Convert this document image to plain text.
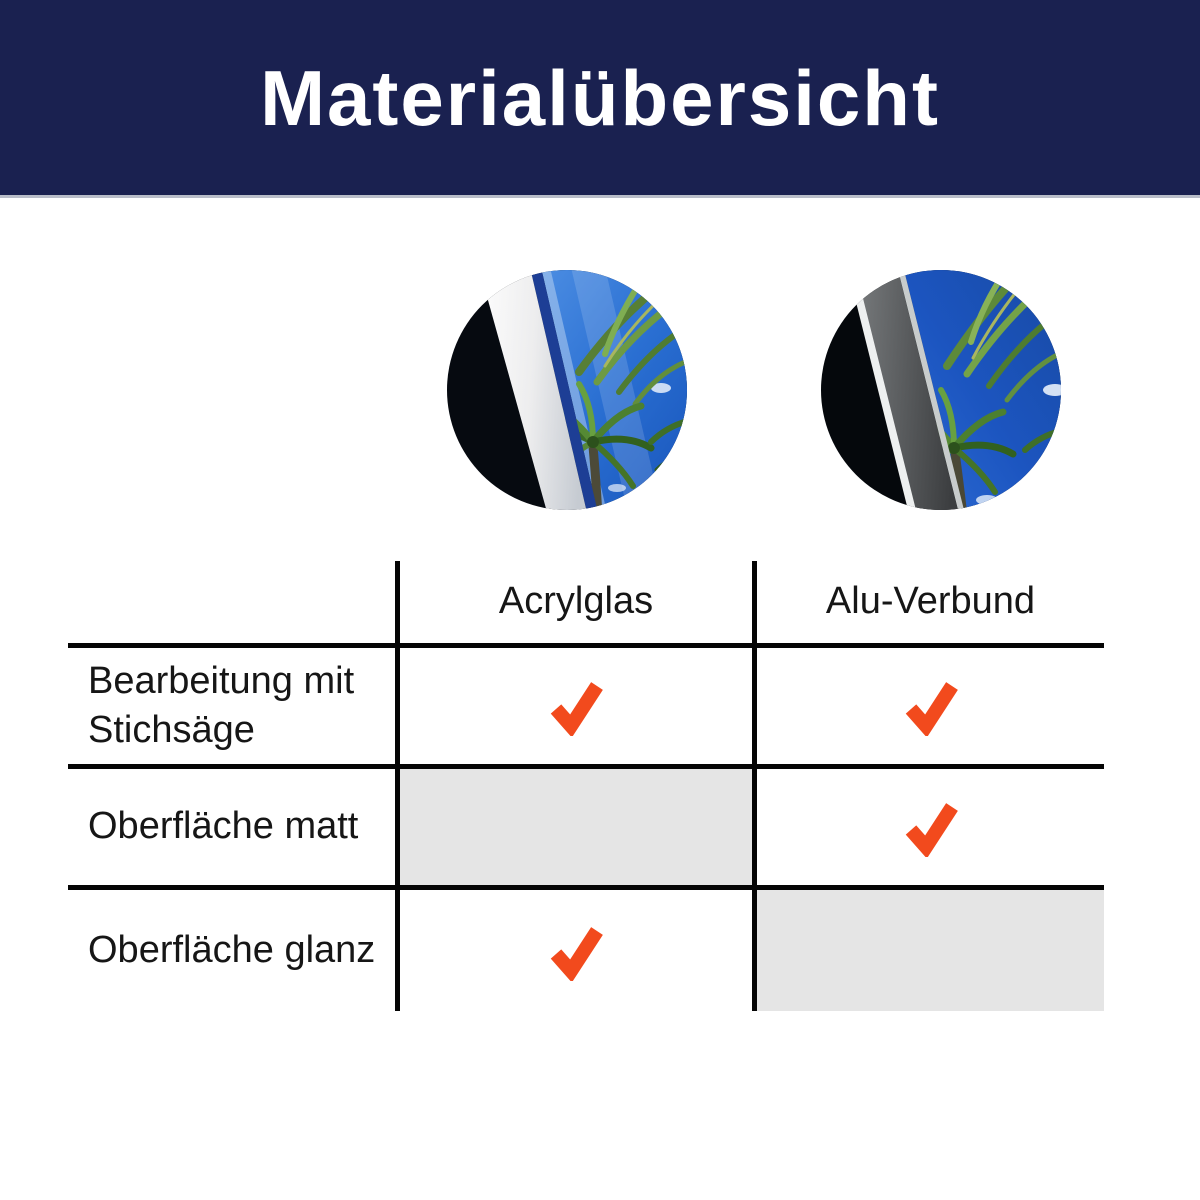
Materialübersicht
Acrylglas	Alu-Verbund
Bearbeitung mit
Stichsäge
Oberfläche matt
Oberfläche glanz
